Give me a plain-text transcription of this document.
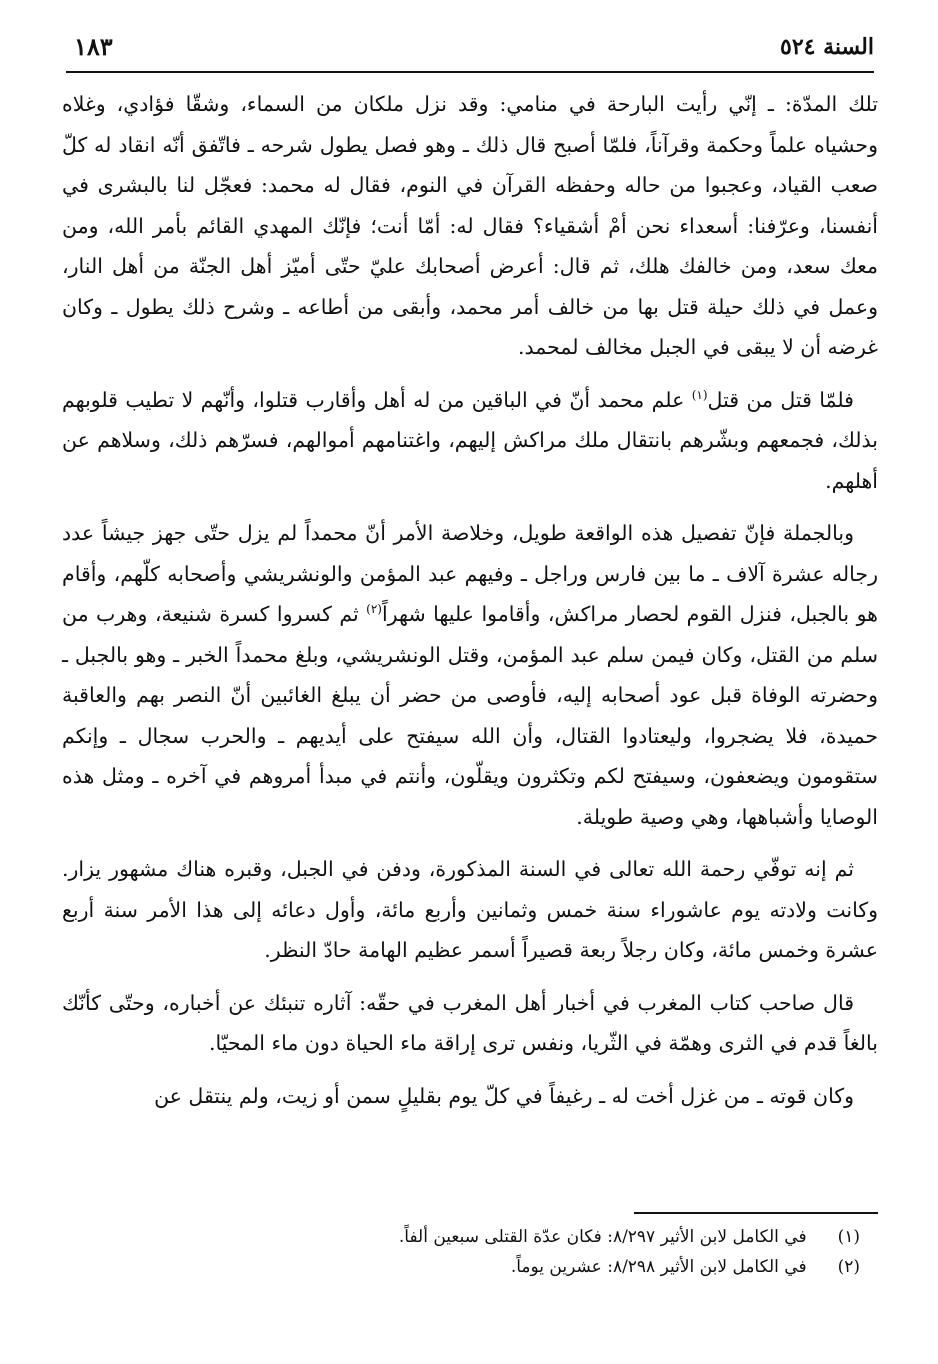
السنة ٥٢٤
١٨٣

تلك المدّة: ـ إنّي رأيت البارحة في منامي: وقد نزل ملكان من السماء، وشقّا فؤادي، وغلاه وحشياه علماً وحكمة وقرآناً، فلمّا أصبح قال ذلك ـ وهو فصل يطول شرحه ـ فاتّفق أنّه انقاد له كلّ صعب القياد، وعجبوا من حاله وحفظه القرآن في النوم، فقال له محمد: فعجّل لنا بالبشرى في أنفسنا، وعرّفنا: أسعداء نحن أمْ أشقياء؟ فقال له: أمّا أنت؛ فإنّك المهدي القائم بأمر الله، ومن معك سعد، ومن خالفك هلك، ثم قال: أعرض أصحابك عليّ حتّى أميّز أهل الجنّة من أهل النار، وعمل في ذلك حيلة قتل بها من خالف أمر محمد، وأبقى من أطاعه ـ وشرح ذلك يطول ـ وكان غرضه أن لا يبقى في الجبل مخالف لمحمد.

فلمّا قتل من قتل$^{(١)}$ علم محمد أنّ في الباقين من له أهل وأقارب قتلوا، وأنّهم لا تطيب قلوبهم بذلك، فجمعهم وبشّرهم بانتقال ملك مراكش إليهم، واغتنامهم أموالهم، فسرّهم ذلك، وسلاهم عن أهلهم.

وبالجملة فإنّ تفصيل هذه الواقعة طويل، وخلاصة الأمر أنّ محمداً لم يزل حتّى جهز جيشاً عدد رجاله عشرة آلاف ـ ما بين فارس وراجل ـ وفيهم عبد المؤمن والونشريشي وأصحابه كلّهم، وأقام هو بالجبل، فنزل القوم لحصار مراكش، وأقاموا عليها شهراً$^{(٢)}$ ثم كسروا كسرة شنيعة، وهرب من سلم من القتل، وكان فيمن سلم عبد المؤمن، وقتل الونشريشي، وبلغ محمداً الخبر ـ وهو بالجبل ـ وحضرته الوفاة قبل عود أصحابه إليه، فأوصى من حضر أن يبلغ الغائبين أنّ النصر بهم والعاقبة حميدة، فلا يضجروا، وليعتادوا القتال، وأن الله سيفتح على أيديهم ـ والحرب سجال ـ وإنكم ستقومون ويضعفون، وسيفتح لكم وتكثرون ويقلّون، وأنتم في مبدأ أمروهم في آخره ـ ومثل هذه الوصايا وأشباهها، وهي وصية طويلة.

ثم إنه توفّي رحمة الله تعالى في السنة المذكورة، ودفن في الجبل، وقبره هناك مشهور يزار. وكانت ولادته يوم عاشوراء سنة خمس وثمانين وأربع مائة، وأول دعائه إلى هذا الأمر سنة أربع عشرة وخمس مائة، وكان رجلاً ربعة قصيراً أسمر عظيم الهامة حادّ النظر.

قال صاحب كتاب المغرب في أخبار أهل المغرب في حقّه: آثاره تنبئك عن أخباره، وحتّى كأنّك بالغاً قدم في الثرى وهمّة في الثّريا، ونفس ترى إراقة ماء الحياة دون ماء المحيّا.

وكان قوته ـ من غزل أخت له ـ رغيفاً في كلّ يوم بقليلٍ سمن أو زيت، ولم ينتقل عن

(١) في الكامل لابن الأثير ٨/٢٩٧: فكان عدّة القتلى سبعين ألفاً.
(٢) في الكامل لابن الأثير ٨/٢٩٨: عشرين يوماً.
